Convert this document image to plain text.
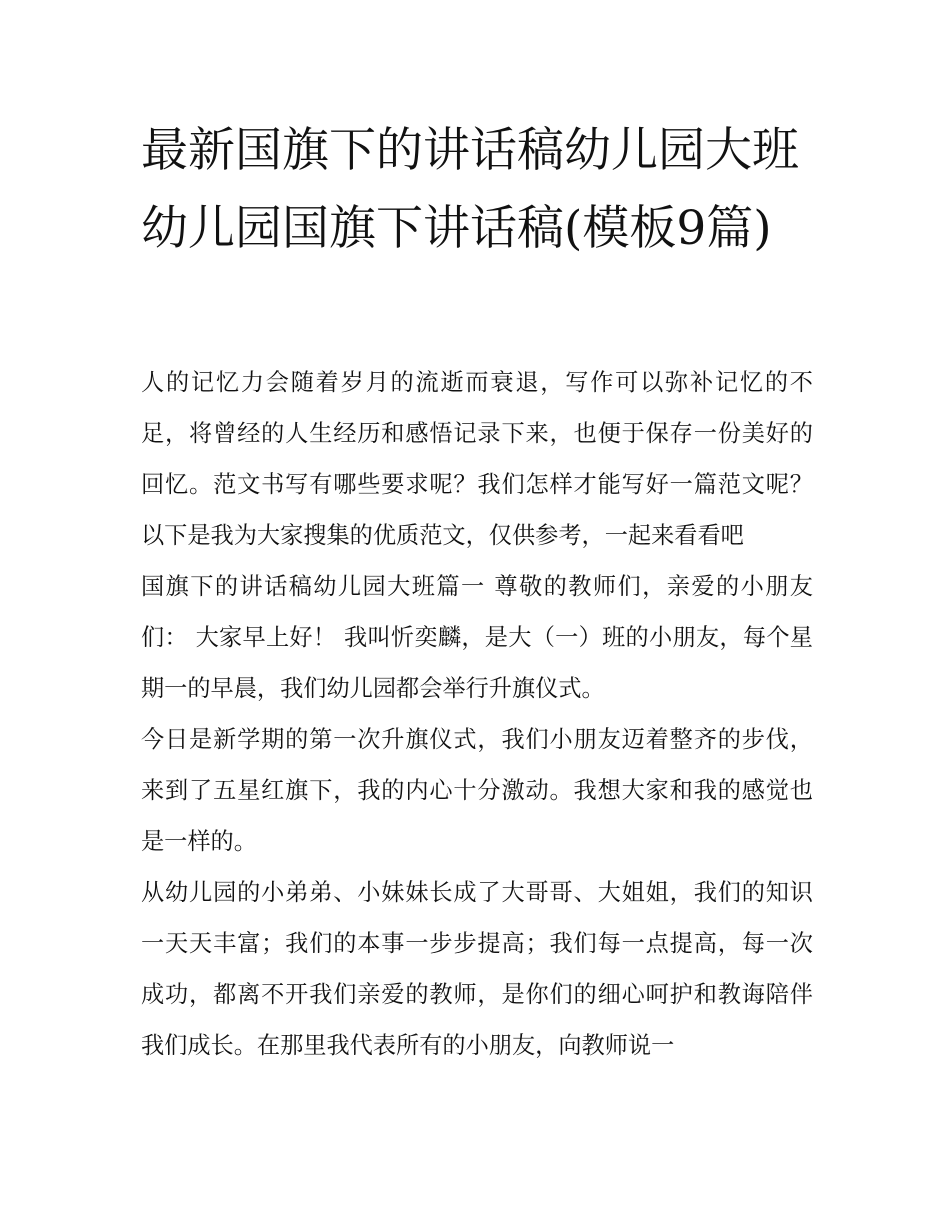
最新国旗下的讲话稿幼儿园大班 幼儿园国旗下讲话稿(模板9篇)

人的记忆力会随着岁月的流逝而衰退，写作可以弥补记忆的不足，将曾经的人生经历和感悟记录下来，也便于保存一份美好的回忆。范文书写有哪些要求呢？我们怎样才能写好一篇范文呢？以下是我为大家搜集的优质范文，仅供参考，一起来看看吧

国旗下的讲话稿幼儿园大班篇一 尊敬的教师们，亲爱的小朋友们： 大家早上好！ 我叫忻奕麟，是大（一）班的小朋友，每个星期一的早晨，我们幼儿园都会举行升旗仪式。

今日是新学期的第一次升旗仪式，我们小朋友迈着整齐的步伐，来到了五星红旗下，我的内心十分激动。我想大家和我的感觉也是一样的。

从幼儿园的小弟弟、小妹妹长成了大哥哥、大姐姐，我们的知识一天天丰富；我们的本事一步步提高；我们每一点提高，每一次成功，都离不开我们亲爱的教师，是你们的细心呵护和教诲陪伴我们成长。在那里我代表所有的小朋友，向教师说一
